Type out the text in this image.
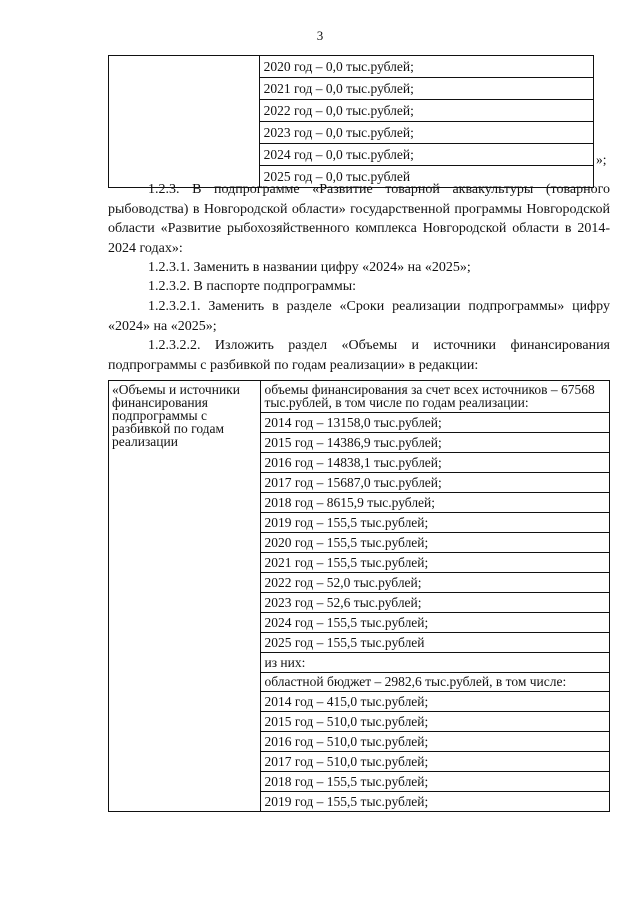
3

2020 год – 0,0 тыс.рублей;
2021 год – 0,0 тыс.рублей;
2022 год – 0,0 тыс.рублей;
2023 год – 0,0 тыс.рублей;
2024 год – 0,0 тыс.рублей;
2025 год – 0,0 тыс.рублей
»;

1.2.3. В подпрограмме «Развитие товарной аквакультуры (товарного рыбоводства) в Новгородской области» государственной программы Новгородской области «Развитие рыбохозяйственного комплекса Новгородской области в 2014-2024 годах»:

1.2.3.1. Заменить в названии цифру «2024» на «2025»;

1.2.3.2. В паспорте подпрограммы:

1.2.3.2.1. Заменить в разделе «Сроки реализации подпрограммы» цифру «2024» на «2025»;

1.2.3.2.2. Изложить раздел «Объемы и источники финансирования подпрограммы с разбивкой по годам реализации» в редакции:

«Объемы и источники финансирования подпрограммы с разбивкой по годам реализации

объемы финансирования за счет всех источников – 67568 тыс.рублей, в том числе по годам реализации:
2014 год – 13158,0 тыс.рублей;
2015 год – 14386,9 тыс.рублей;
2016 год – 14838,1 тыс.рублей;
2017 год – 15687,0 тыс.рублей;
2018 год – 8615,9 тыс.рублей;
2019 год – 155,5 тыс.рублей;
2020 год – 155,5 тыс.рублей;
2021 год – 155,5 тыс.рублей;
2022 год – 52,0 тыс.рублей;
2023 год – 52,6 тыс.рублей;
2024 год – 155,5 тыс.рублей;
2025 год – 155,5 тыс.рублей
из них:
областной бюджет – 2982,6 тыс.рублей, в том числе:
2014 год – 415,0 тыс.рублей;
2015 год – 510,0 тыс.рублей;
2016 год – 510,0 тыс.рублей;
2017 год – 510,0 тыс.рублей;
2018 год – 155,5 тыс.рублей;
2019 год – 155,5 тыс.рублей;
